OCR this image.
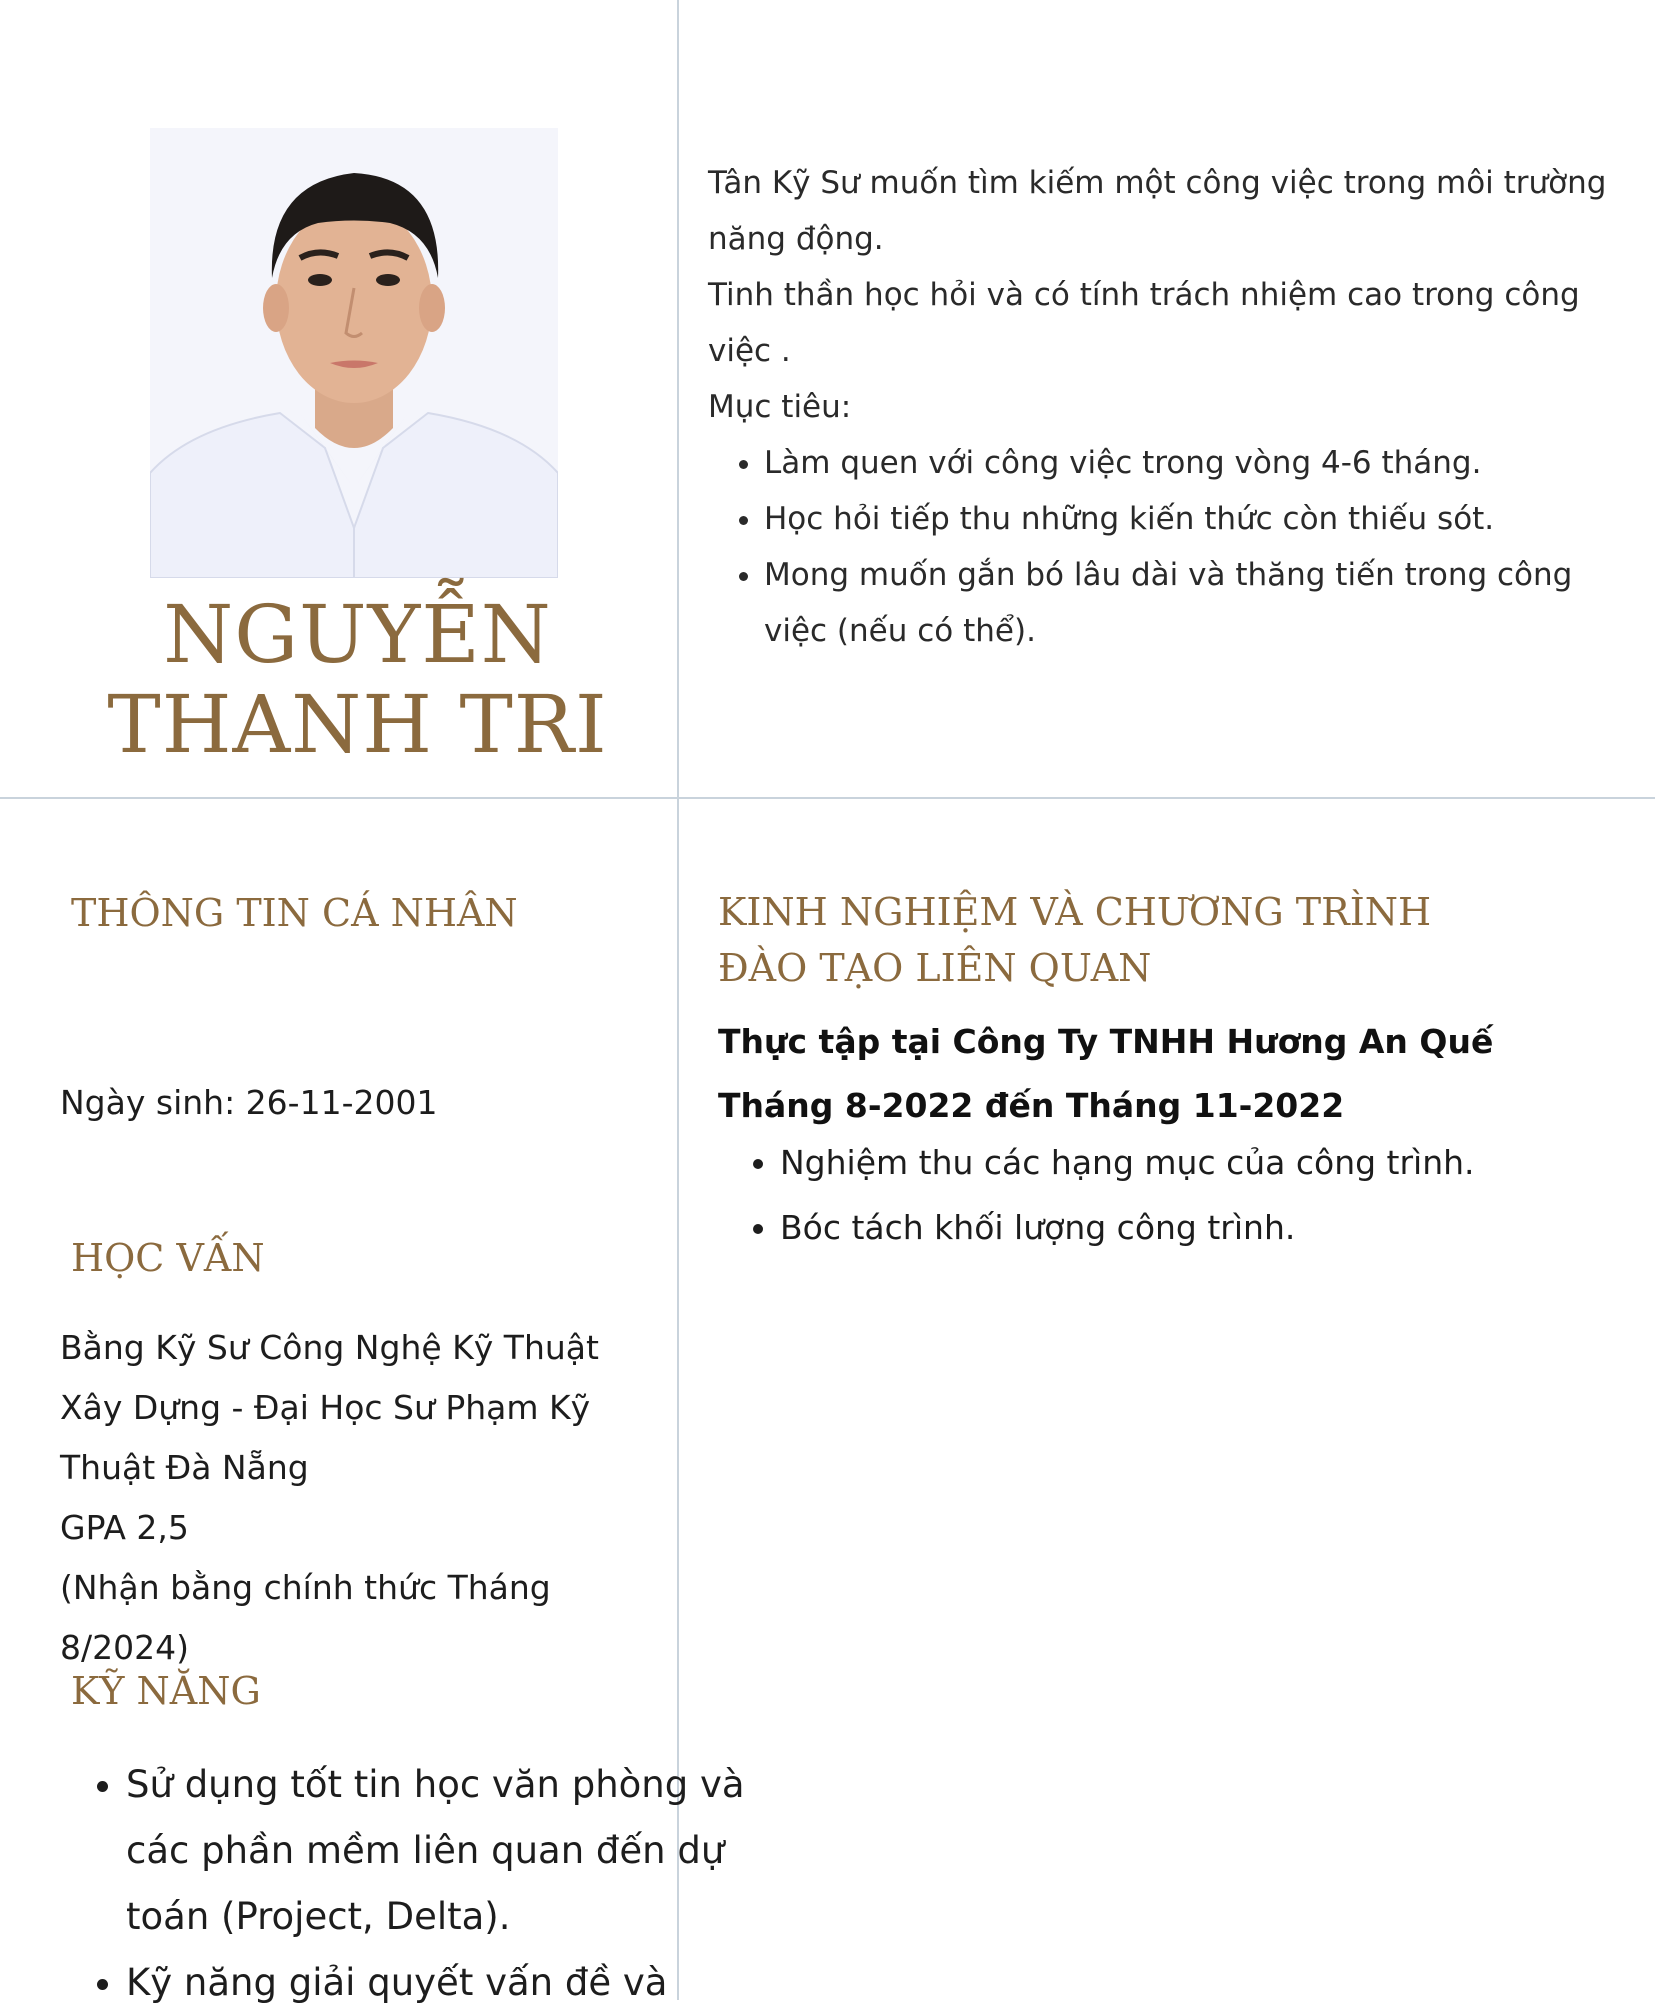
NGUYỄN
THANH TRI

Tân Kỹ Sư muốn tìm kiếm một công việc trong môi trường năng động.

Tinh thần học hỏi và có tính trách nhiệm cao trong công việc .

Mục tiêu:

• Làm quen với công việc trong vòng 4-6 tháng.
• Học hỏi tiếp thu những kiến thức còn thiếu sót.
• Mong muốn gắn bó lâu dài và thăng tiến trong công việc (nếu có thể).
THÔNG TIN CÁ NHÂN

Ngày sinh: 26-11-2001

HỌC VẤN
Bằng Kỹ Sư Công Nghệ Kỹ Thuật Xây Dựng - Đại Học Sư Phạm Kỹ Thuật Đà Nẵng
GPA 2,5
(Nhận bằng chính thức Tháng 8/2024)
KỸ NĂNG
• Sử dụng tốt tin học văn phòng và các phần mềm liên quan đến dự toán (Project, Delta).
• Kỹ năng giải quyết vấn đề và
KINH NGHIỆM VÀ CHƯƠNG TRÌNH
ĐÀO TẠO LIÊN QUAN
Thực tập tại Công Ty TNHH Hương An Quế
Tháng 8-2022 đến Tháng 11-2022
• Nghiệm thu các hạng mục của công trình.
• Bóc tách khối lượng công trình.
